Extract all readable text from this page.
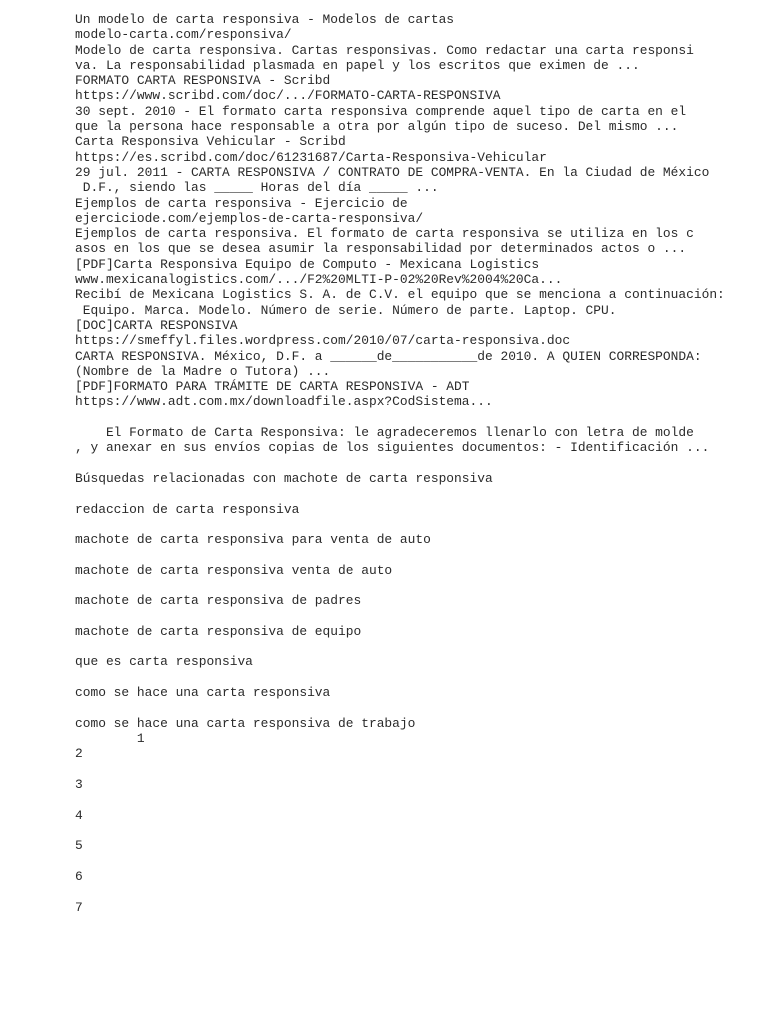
Un modelo de carta responsiva - Modelos de cartas
modelo-carta.com/responsiva/
Modelo de carta responsiva. Cartas responsivas. Como redactar una carta responsi
va. La responsabilidad plasmada en papel y los escritos que eximen de ...
FORMATO CARTA RESPONSIVA - Scribd
https://www.scribd.com/doc/.../FORMATO-CARTA-RESPONSIVA
30 sept. 2010 - El formato carta responsiva comprende aquel tipo de carta en el
que la persona hace responsable a otra por algún tipo de suceso. Del mismo ...
Carta Responsiva Vehicular - Scribd
https://es.scribd.com/doc/61231687/Carta-Responsiva-Vehicular
29 jul. 2011 - CARTA RESPONSIVA / CONTRATO DE COMPRA-VENTA. En la Ciudad de México
D.F., siendo las _____ Horas del día _____ ...
Ejemplos de carta responsiva - Ejercicio de
ejerciciode.com/ejemplos-de-carta-responsiva/
Ejemplos de carta responsiva. El formato de carta responsiva se utiliza en los c
asos en los que se desea asumir la responsabilidad por determinados actos o ...
[PDF]Carta Responsiva Equipo de Computo - Mexicana Logistics
www.mexicanalogistics.com/.../F2%20MLTI-P-02%20Rev%2004%20Ca...
Recibí de Mexicana Logistics S. A. de C.V. el equipo que se menciona a continuación:
Equipo. Marca. Modelo. Número de serie. Número de parte. Laptop. CPU.
[DOC]CARTA RESPONSIVA
https://smeffyl.files.wordpress.com/2010/07/carta-responsiva.doc
CARTA RESPONSIVA. México, D.F. a ______de___________de 2010. A QUIEN CORRESPONDA:
(Nombre de la Madre o Tutora) ...
[PDF]FORMATO PARA TRÁMITE DE CARTA RESPONSIVA - ADT
https://www.adt.com.mx/downloadfile.aspx?CodSistema...
El Formato de Carta Responsiva: le agradeceremos llenarlo con letra de molde
, y anexar en sus envíos copias de los siguientes documentos: - Identificación ...
Búsquedas relacionadas con machote de carta responsiva
redaccion de carta responsiva
machote de carta responsiva para venta de auto
machote de carta responsiva venta de auto
machote de carta responsiva de padres
machote de carta responsiva de equipo
que es carta responsiva
como se hace una carta responsiva
como se hace una carta responsiva de trabajo
1
2
3
4
5
6
7
